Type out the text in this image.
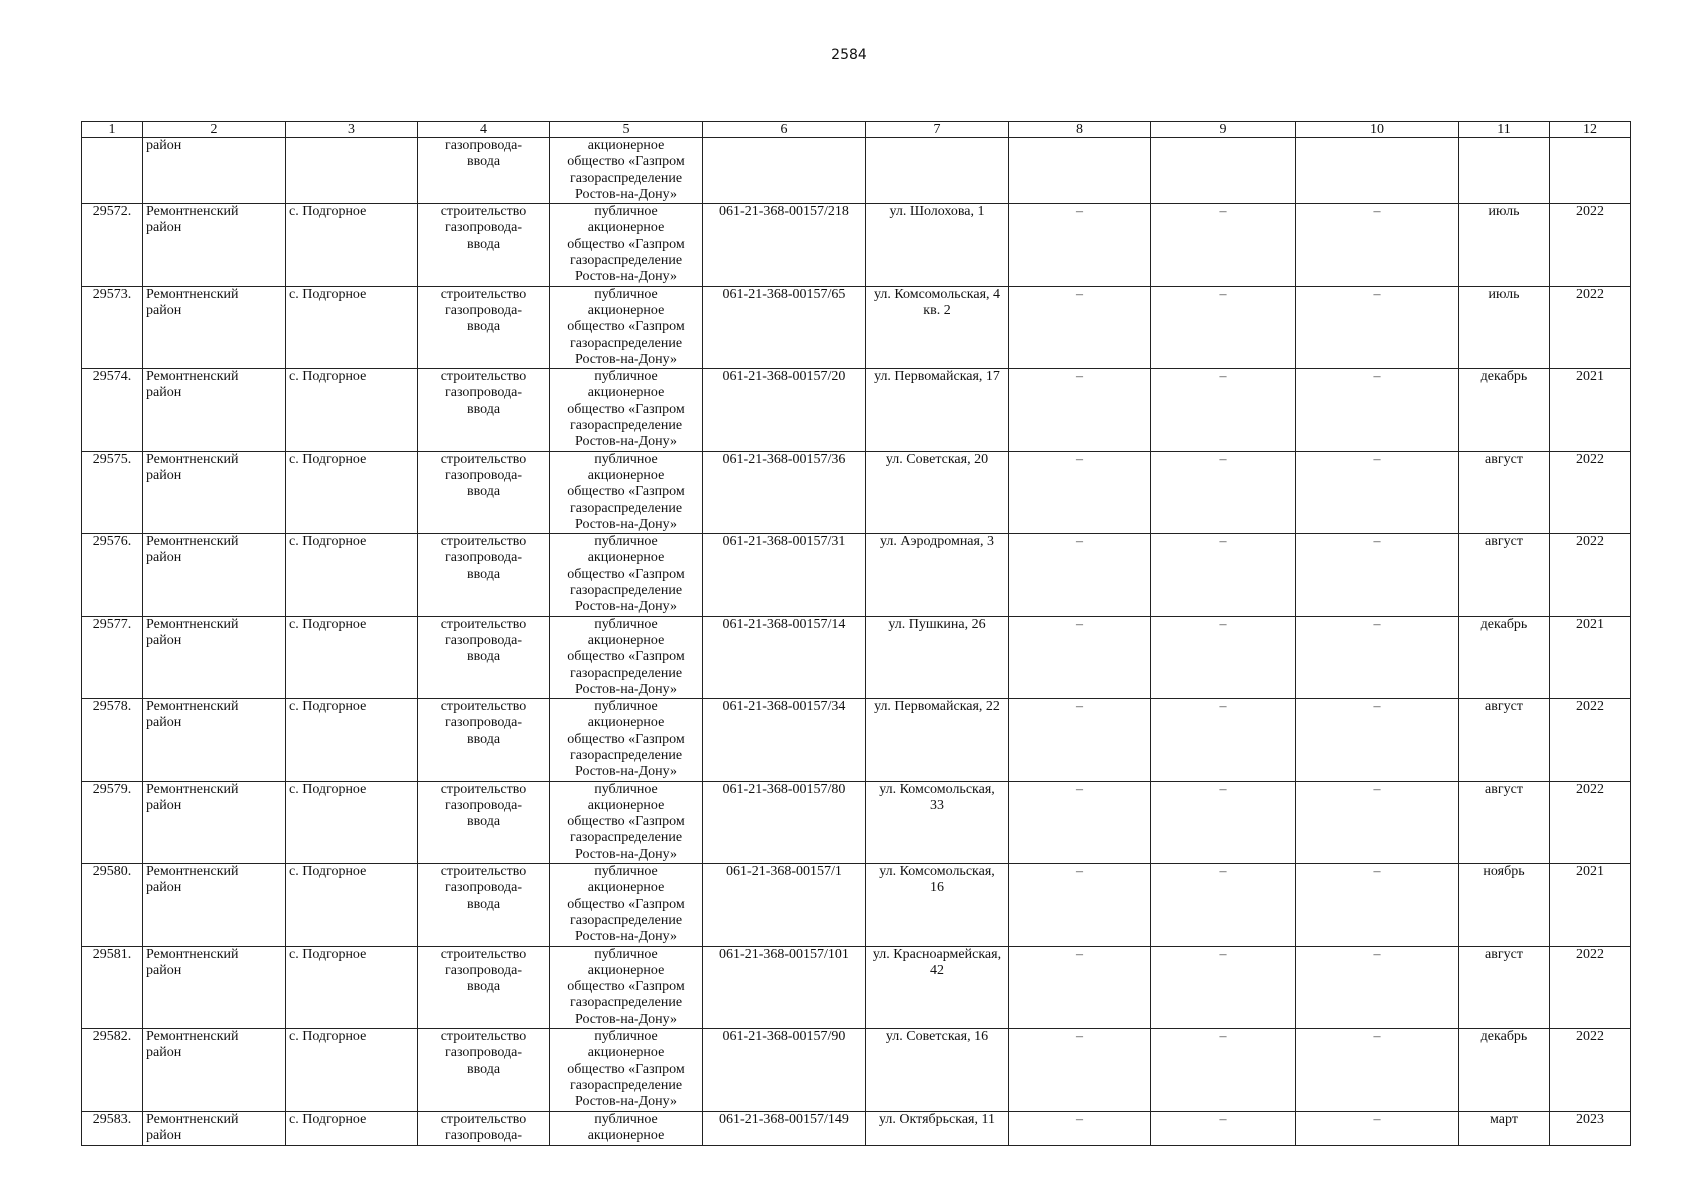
2584
1	2	3	4	5	6	7	8	9	10	11	12
	район		газопровода-
ввода	акционерное
общество «Газпром
газораспределение
Ростов-на-Дону»							
29572.	Ремонтненский
район	с. Подгорное	строительство
газопровода-
ввода	публичное
акционерное
общество «Газпром
газораспределение
Ростов-на-Дону»	061-21-368-00157/218	ул. Шолохова, 1	–	–	–	июль	2022
29573.	Ремонтненский
район	с. Подгорное	строительство
газопровода-
ввода	публичное
акционерное
общество «Газпром
газораспределение
Ростов-на-Дону»	061-21-368-00157/65	ул. Комсомольская, 4
кв. 2	–	–	–	июль	2022
29574.	Ремонтненский
район	с. Подгорное	строительство
газопровода-
ввода	публичное
акционерное
общество «Газпром
газораспределение
Ростов-на-Дону»	061-21-368-00157/20	ул. Первомайская, 17	–	–	–	декабрь	2021
29575.	Ремонтненский
район	с. Подгорное	строительство
газопровода-
ввода	публичное
акционерное
общество «Газпром
газораспределение
Ростов-на-Дону»	061-21-368-00157/36	ул. Советская, 20	–	–	–	август	2022
29576.	Ремонтненский
район	с. Подгорное	строительство
газопровода-
ввода	публичное
акционерное
общество «Газпром
газораспределение
Ростов-на-Дону»	061-21-368-00157/31	ул. Аэродромная, 3	–	–	–	август	2022
29577.	Ремонтненский
район	с. Подгорное	строительство
газопровода-
ввода	публичное
акционерное
общество «Газпром
газораспределение
Ростов-на-Дону»	061-21-368-00157/14	ул. Пушкина, 26	–	–	–	декабрь	2021
29578.	Ремонтненский
район	с. Подгорное	строительство
газопровода-
ввода	публичное
акционерное
общество «Газпром
газораспределение
Ростов-на-Дону»	061-21-368-00157/34	ул. Первомайская, 22	–	–	–	август	2022
29579.	Ремонтненский
район	с. Подгорное	строительство
газопровода-
ввода	публичное
акционерное
общество «Газпром
газораспределение
Ростов-на-Дону»	061-21-368-00157/80	ул. Комсомольская,
33	–	–	–	август	2022
29580.	Ремонтненский
район	с. Подгорное	строительство
газопровода-
ввода	публичное
акционерное
общество «Газпром
газораспределение
Ростов-на-Дону»	061-21-368-00157/1	ул. Комсомольская,
16	–	–	–	ноябрь	2021
29581.	Ремонтненский
район	с. Подгорное	строительство
газопровода-
ввода	публичное
акционерное
общество «Газпром
газораспределение
Ростов-на-Дону»	061-21-368-00157/101	ул. Красноармейская,
42	–	–	–	август	2022
29582.	Ремонтненский
район	с. Подгорное	строительство
газопровода-
ввода	публичное
акционерное
общество «Газпром
газораспределение
Ростов-на-Дону»	061-21-368-00157/90	ул. Советская, 16	–	–	–	декабрь	2022
29583.	Ремонтненский
район	с. Подгорное	строительство
газопровода-	публичное
акционерное	061-21-368-00157/149	ул. Октябрьская, 11	–	–	–	март	2023
